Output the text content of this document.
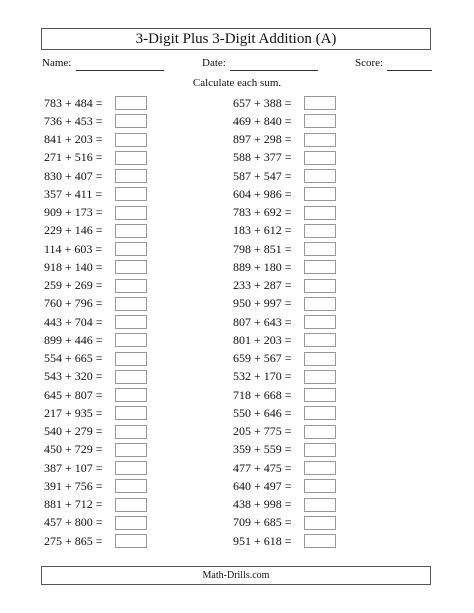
3-Digit Plus 3-Digit Addition (A)
Name:	Date:	Score:
Calculate each sum.
783 + 484 =
736 + 453 =
841 + 203 =
271 + 516 =
830 + 407 =
357 + 411 =
909 + 173 =
229 + 146 =
114 + 603 =
918 + 140 =
259 + 269 =
760 + 796 =
443 + 704 =
899 + 446 =
554 + 665 =
543 + 320 =
645 + 807 =
217 + 935 =
540 + 279 =
450 + 729 =
387 + 107 =
391 + 756 =
881 + 712 =
457 + 800 =
275 + 865 =
657 + 388 =
469 + 840 =
897 + 298 =
588 + 377 =
587 + 547 =
604 + 986 =
783 + 692 =
183 + 612 =
798 + 851 =
889 + 180 =
233 + 287 =
950 + 997 =
807 + 643 =
801 + 203 =
659 + 567 =
532 + 170 =
718 + 668 =
550 + 646 =
205 + 775 =
359 + 559 =
477 + 475 =
640 + 497 =
438 + 998 =
709 + 685 =
951 + 618 =
Math-Drills.com
